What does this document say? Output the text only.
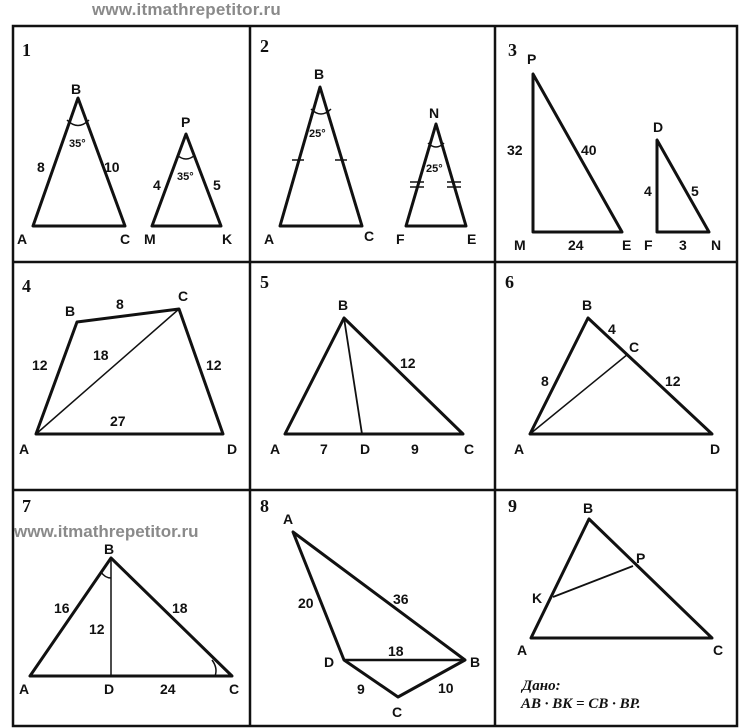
www.itmathrepetitor.ru
1
B
A	C
P
M	K
8	10
4	5
35°
35°
2
B
A	C
N
F	E
25°
25°
3 P
M	E
D
F	N
32	40
24
4	5
3
4
B
C
A	D
8
12
18
12
27
5
B
A	D	C
12
7	9
6
B
C
A	D
4
8	12
7
B
A	D	C
16
12
18
24
8
A
D	B
C
20	36
18
9	10
9	B
K
P
A	C
Дано:
AB · BK = CB · BP.
www.itmathrepetitor.ru
